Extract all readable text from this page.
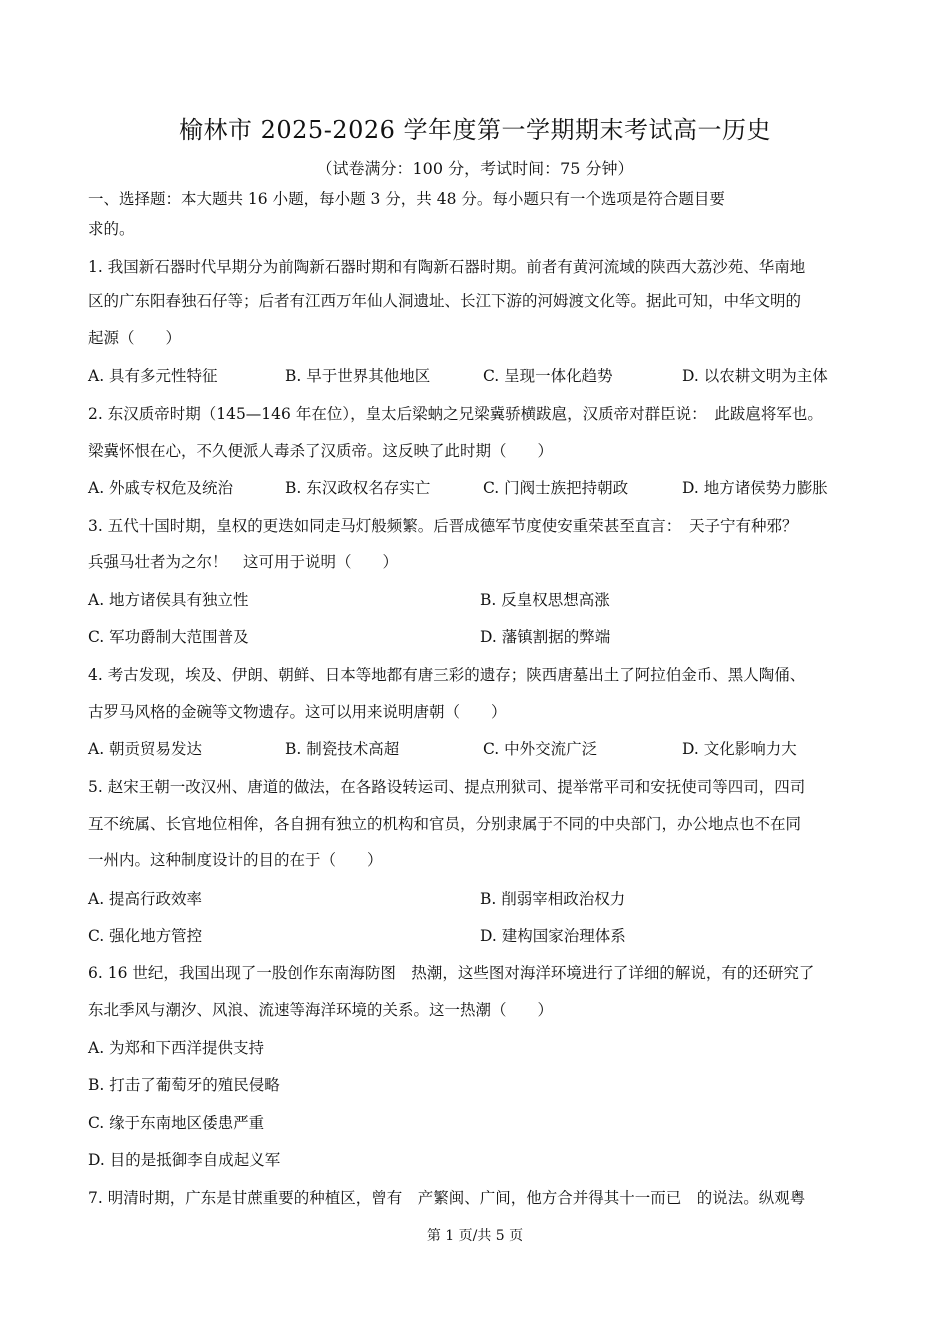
榆林市 2025-2026 学年度第一学期期末考试高一历史
（试卷满分：100 分，考试时间：75 分钟）
一、选择题：本大题共 16 小题，每小题 3 分，共 48 分。每小题只有一个选项是符合题目要
求的。
1. 我国新石器时代早期分为前陶新石器时期和有陶新石器时期。前者有黄河流域的陕西大荔沙苑、华南地
区的广东阳春独石仔等；后者有江西万年仙人洞遗址、长江下游的河姆渡文化等。据此可知，中华文明的
起源（　　）
A. 具有多元性特征	B. 早于世界其他地区	C. 呈现一体化趋势	D. 以农耕文明为主体
2. 东汉质帝时期（145—146 年在位），皇太后梁蚋之兄梁冀骄横跋扈，汉质帝对群臣说：　此跋扈将军也。
梁冀怀恨在心，不久便派人毒杀了汉质帝。这反映了此时期（　　）
A. 外戚专权危及统治	B. 东汉政权名存实亡	C. 门阀士族把持朝政	D. 地方诸侯势力膨胀
3. 五代十国时期，皇权的更迭如同走马灯般频繁。后晋成德军节度使安重荣甚至直言：　天子宁有种邪？
兵强马壮者为之尔！　这可用于说明（　　）
A. 地方诸侯具有独立性	B. 反皇权思想高涨
C. 军功爵制大范围普及	D. 藩镇割据的弊端
4. 考古发现，埃及、伊朗、朝鲜、日本等地都有唐三彩的遗存；陕西唐墓出土了阿拉伯金币、黑人陶俑、
古罗马风格的金碗等文物遗存。这可以用来说明唐朝（　　）
A. 朝贡贸易发达	B. 制瓷技术高超	C. 中外交流广泛	D. 文化影响力大
5. 赵宋王朝一改汉州、唐道的做法，在各路设转运司、提点刑狱司、提举常平司和安抚使司等四司，四司
互不统属、长官地位相侔，各自拥有独立的机构和官员，分别隶属于不同的中央部门，办公地点也不在同
一州内。这种制度设计的目的在于（　　）
A. 提高行政效率	B. 削弱宰相政治权力
C. 强化地方管控	D. 建构国家治理体系
6. 16 世纪，我国出现了一股创作东南海防图　热潮，这些图对海洋环境进行了详细的解说，有的还研究了
东北季风与潮汐、风浪、流速等海洋环境的关系。这一热潮（　　）
A. 为郑和下西洋提供支持
B. 打击了葡萄牙的殖民侵略
C. 缘于东南地区倭患严重
D. 目的是抵御李自成起义军
7. 明清时期，广东是甘蔗重要的种植区，曾有　产繁闽、广间，他方合并得其十一而已　的说法。纵观粤
第 1 页/共 5 页
